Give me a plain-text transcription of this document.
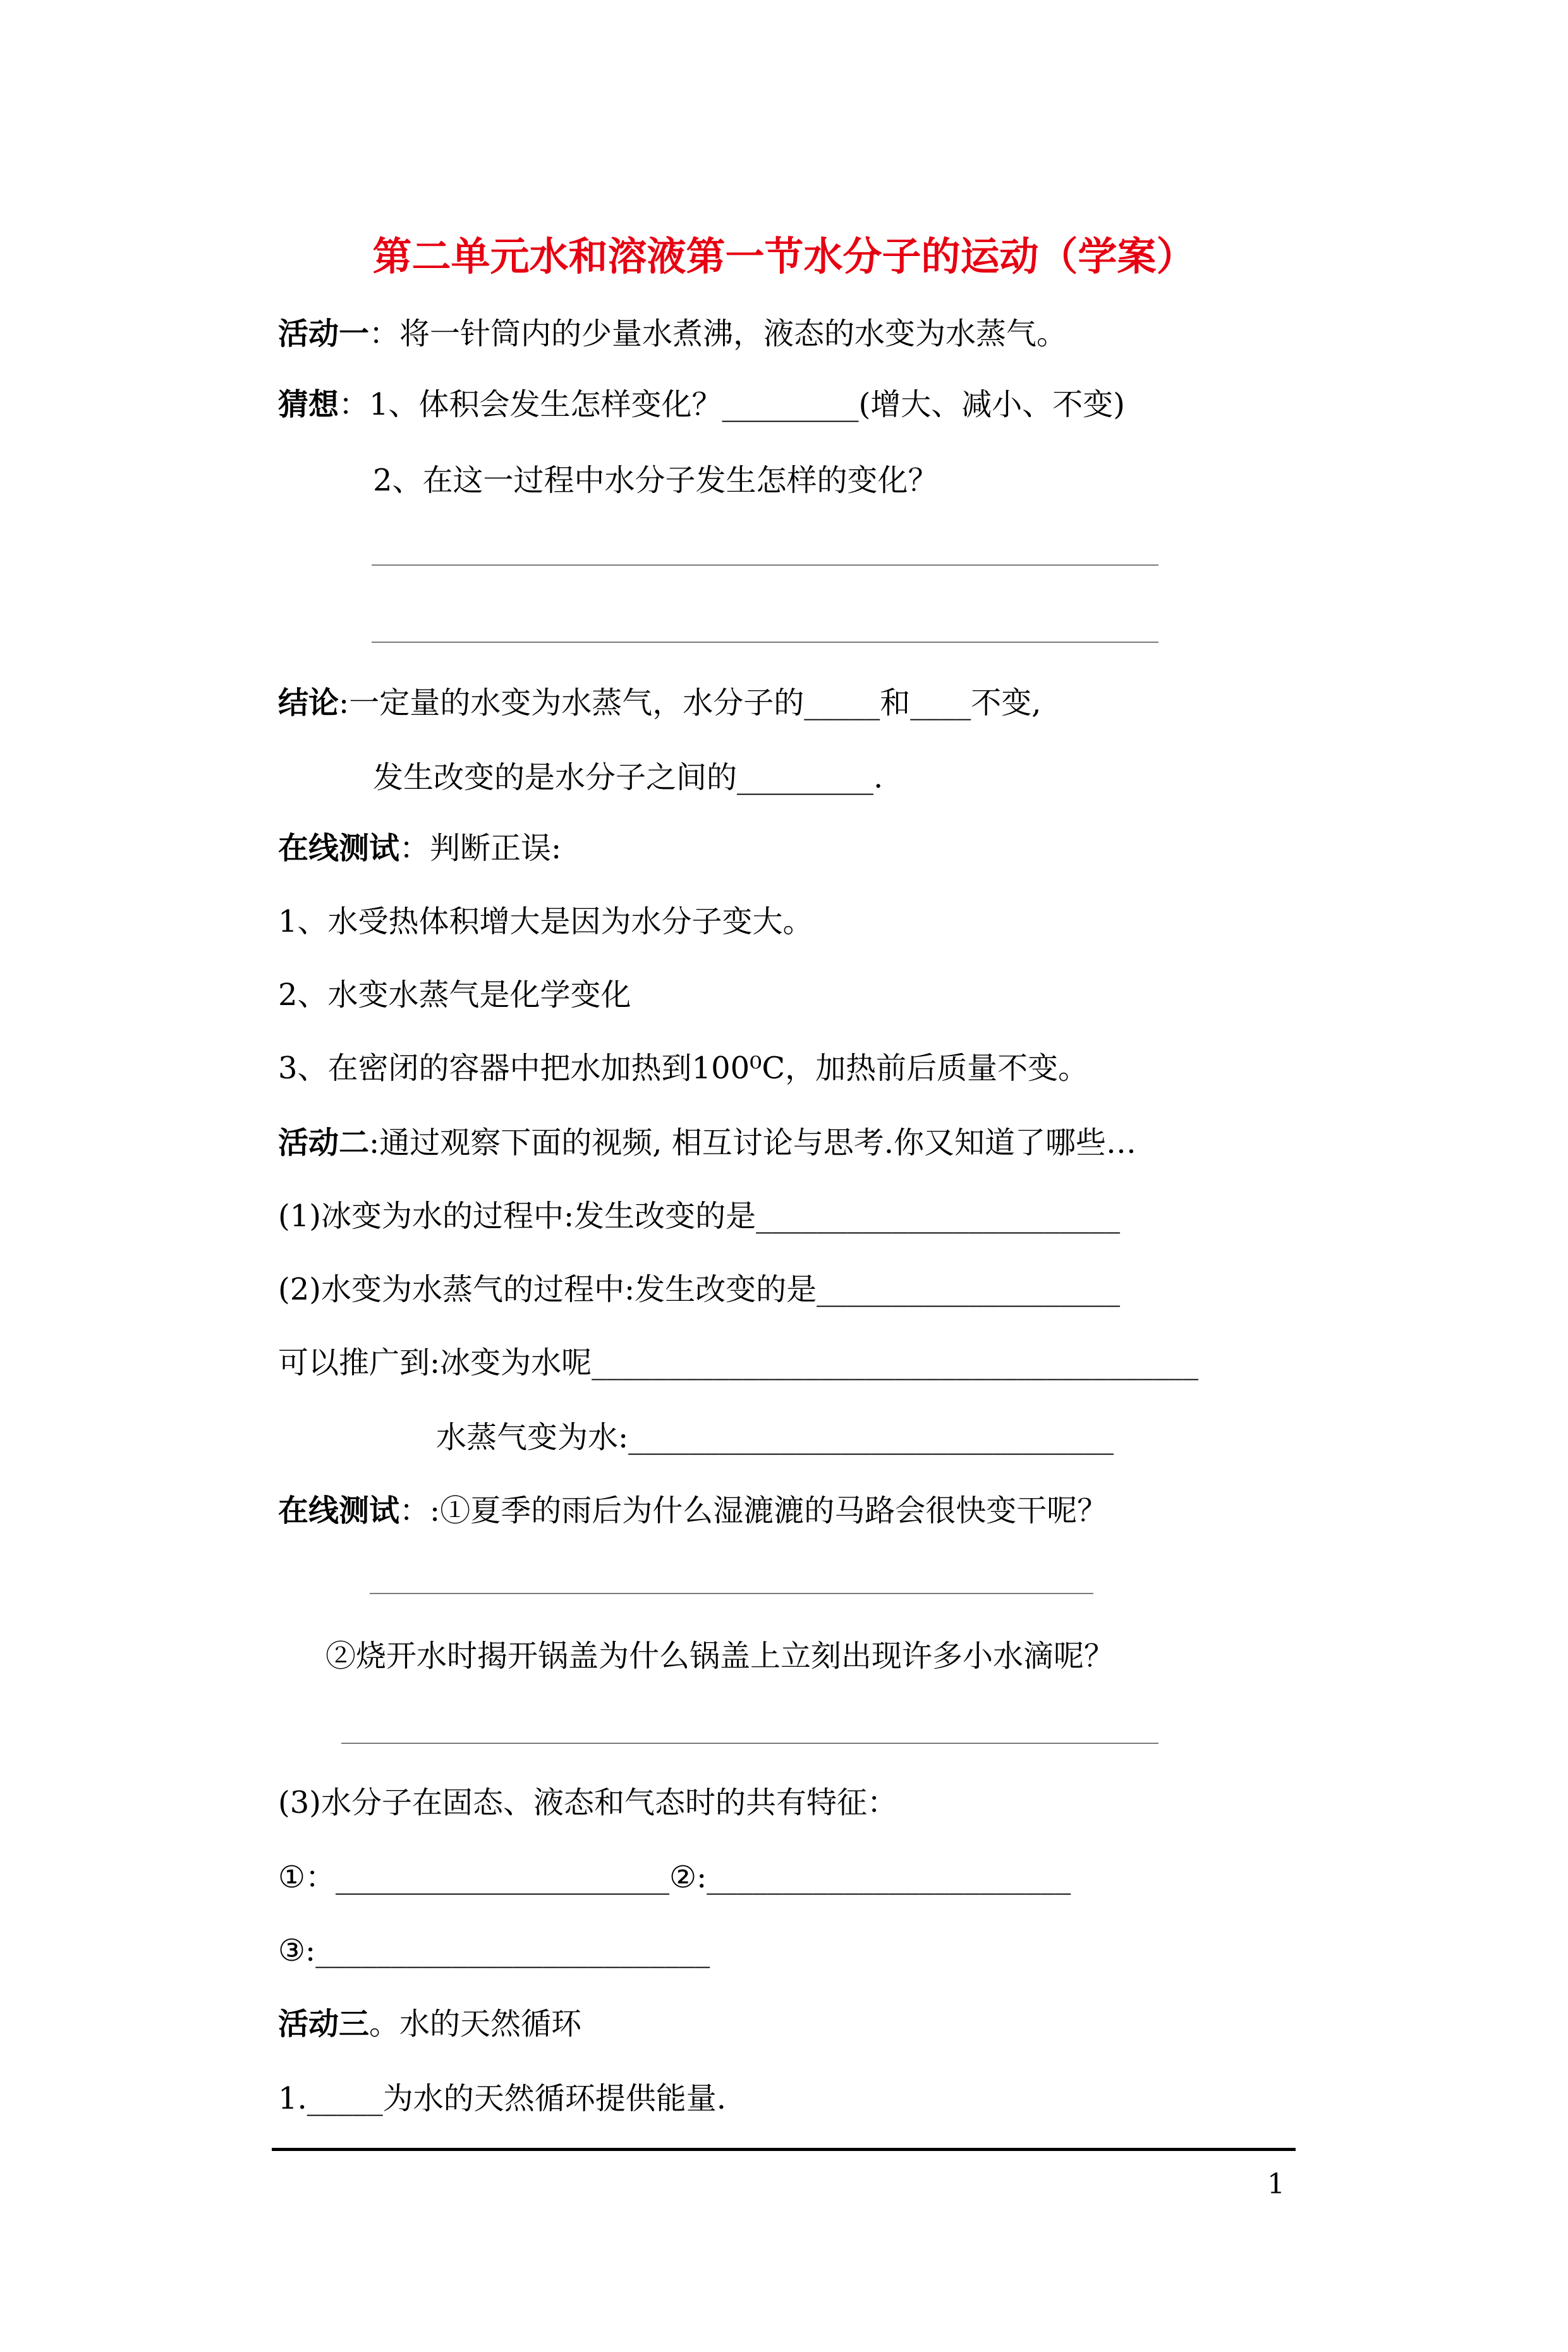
第二单元水和溶液第一节水分子的运动（学案）
活动一：将一针筒内的少量水煮沸，液态的水变为水蒸气。
猜想：1、体积会发生怎样变化？_________(增大、减小、不变)
2、在这一过程中水分子发生怎样的变化？
结论:一定量的水变为水蒸气，水分子的_____和____不变,
发生改变的是水分子之间的_________.
在线测试：判断正误:
1、水受热体积增大是因为水分子变大。
2、水变水蒸气是化学变化
3、在密闭的容器中把水加热到100⁰C，加热前后质量不变。
活动二:通过观察下面的视频, 相互讨论与思考.你又知道了哪些…
(1)冰变为水的过程中:发生改变的是________________________
(2)水变为水蒸气的过程中:发生改变的是____________________
可以推广到:冰变为水呢________________________________________
水蒸气变为水:________________________________
在线测试：:①夏季的雨后为什么湿漉漉的马路会很快变干呢？
②烧开水时揭开锅盖为什么锅盖上立刻出现许多小水滴呢？
(3)水分子在固态、液态和气态时的共有特征：
①：______________________②:________________________
③:__________________________
活动三。水的天然循环
1._____为水的天然循环提供能量.
1
